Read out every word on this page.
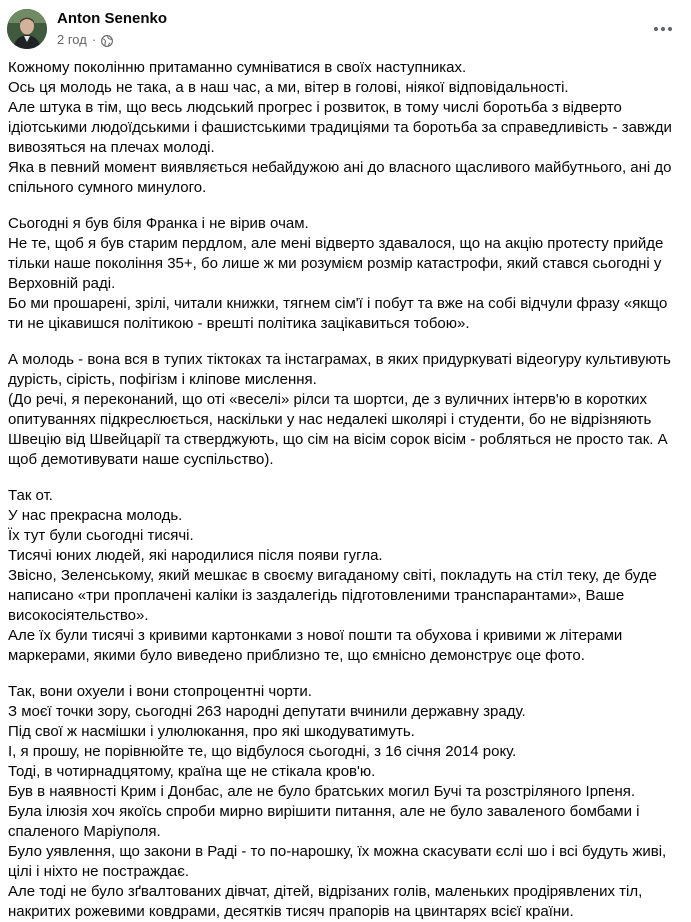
Anton Senenko
2 год ·
Кожному поколінню притаманно сумніватися в своїх наступниках.
Ось ця молодь не така, а в наш час, а ми, вітер в голові, ніякої відповідальності.
Але штука в тім, що весь людський прогрес і розвиток, в тому числі боротьба з відверто
ідіотськими людоїдськими і фашистськими традиціями та боротьба за справедливість - завжди
вивозяться на плечах молоді.
Яка в певний момент виявляється небайдужою ані до власного щасливого майбутнього, ані до
спільного сумного минулого.
Сьогодні я був біля Франка і не вірив очам.
Не те, щоб я був старим пердлом, але мені відверто здавалося, що на акцію протесту прийде
тільки наше покоління 35+, бо лише ж ми розумієм розмір катастрофи, який стався сьогодні у
Верховній раді.
Бо ми прошарені, зрілі, читали книжки, тягнем сім'ї і побут та вже на собі відчули фразу «якщо
ти не цікавишся політикою - врешті політика зацікавиться тобою».
А молодь - вона вся в тупих тіктоках та інстаграмах, в яких придуркуваті відеогуру культивують
дурість, сірість, пофігізм і кліпове мислення.
(До речі, я переконаний, що оті «веселі» рілси та шортси, де з вуличних інтерв'ю в коротких
опитуваннях підкреслюється, наскільки у нас недалекі школярі і студенти, бо не відрізняють
Швецію від Швейцарії та стверджують, що сім на вісім сорок вісім - робляться не просто так. А
щоб демотивувати наше суспільство).
Так от.
У нас прекрасна молодь.
Їх тут були сьогодні тисячі.
Тисячі юних людей, які народилися після появи гугла.
Звісно, Зеленському, який мешкає в своєму вигаданому світі, покладуть на стіл теку, де буде
написано «три проплачені каліки із заздалегідь підготовленими транспарантами», Ваше
високосіятельство».
Але їх були тисячі з кривими картонками з нової пошти та обухова і кривими ж літерами
маркерами, якими було виведено приблизно те, що ємнісно демонструє оце фото.
Так, вони охуели і вони стопроцентні чорти.
З моєї точки зору, сьогодні 263 народні депутати вчинили державну зраду.
Під свої ж насмішки і улюлюкання, про які шкодуватимуть.
І, я прошу, не порівнюйте те, що відбулося сьогодні, з 16 січня 2014 року.
Тоді, в чотирнадцятому, країна ще не стікала кров'ю.
Був в наявності Крим і Донбас, але не було братських могил Бучі та розстріляного Ірпеня.
Була ілюзія хоч якоїсь спроби мирно вирішити питання, але не було заваленого бомбами і
спаленого Маріуполя.
Було уявлення, що закони в Раді - то по-нарошку, їх можна скасувати єслі шо і всі будуть живі,
цілі і ніхто не постраждає.
Але тоді не було зґвалтованих дівчат, дітей, відрізаних голів, маленьких продірявлених тіл,
накритих рожевими ковдрами, десятків тисяч прапорів на цвинтарях всієї країни.
